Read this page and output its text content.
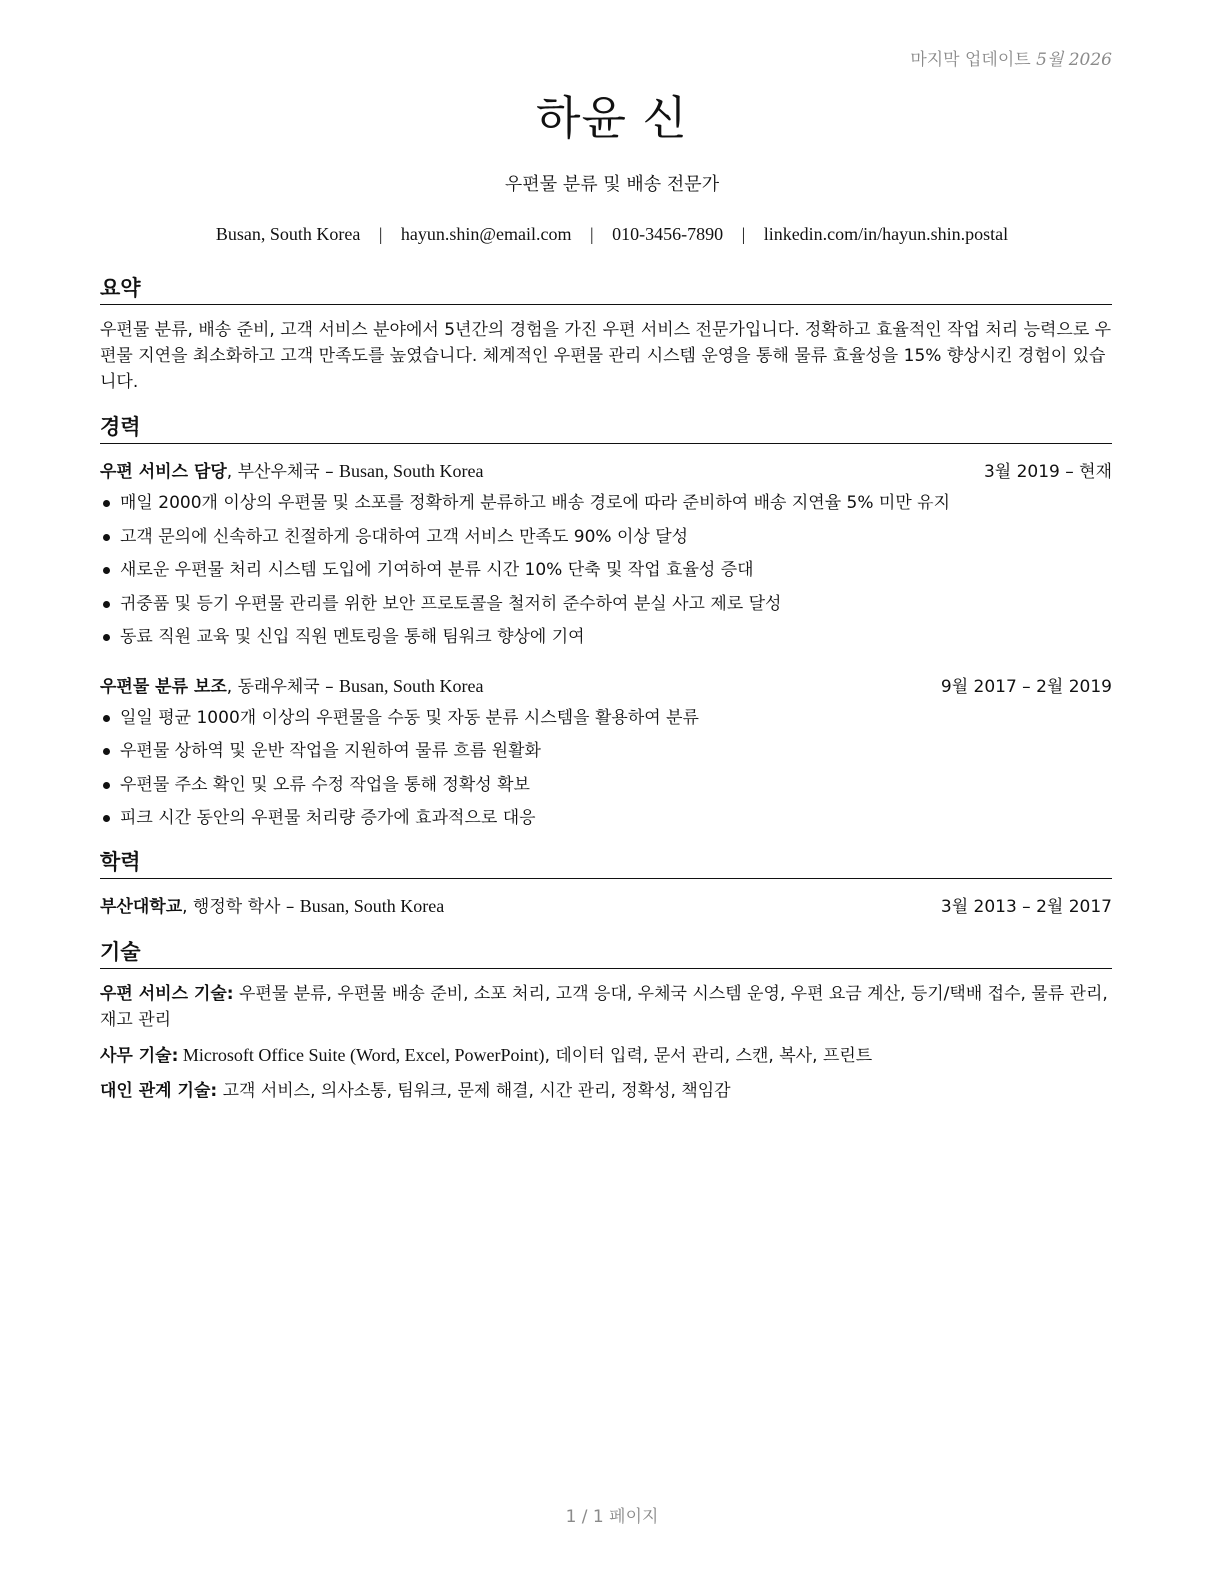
마지막 업데이트 5월 2026
하윤 신
우편물 분류 및 배송 전문가
Busan, South Korea | hayun.shin@email.com | 010-3456-7890 | linkedin.com/in/hayun.shin.postal
요약

우편물 분류, 배송 준비, 고객 서비스 분야에서 5년간의 경험을 가진 우편 서비스 전문가입니다. 정확하고 효율적인 작업 처리 능력으로 우편물 지연을 최소화하고 고객 만족도를 높였습니다. 체계적인 우편물 관리 시스템 운영을 통해 물류 효율성을 15% 향상시킨 경험이 있습니다.

경력
우편 서비스 담당, 부산우체국 – Busan, South Korea	3월 2019 – 현재
매일 2000개 이상의 우편물 및 소포를 정확하게 분류하고 배송 경로에 따라 준비하여 배송 지연율 5% 미만 유지
고객 문의에 신속하고 친절하게 응대하여 고객 서비스 만족도 90% 이상 달성
새로운 우편물 처리 시스템 도입에 기여하여 분류 시간 10% 단축 및 작업 효율성 증대
귀중품 및 등기 우편물 관리를 위한 보안 프로토콜을 철저히 준수하여 분실 사고 제로 달성
동료 직원 교육 및 신입 직원 멘토링을 통해 팀워크 향상에 기여
우편물 분류 보조, 동래우체국 – Busan, South Korea	9월 2017 – 2월 2019
일일 평균 1000개 이상의 우편물을 수동 및 자동 분류 시스템을 활용하여 분류
우편물 상하역 및 운반 작업을 지원하여 물류 흐름 원활화
우편물 주소 확인 및 오류 수정 작업을 통해 정확성 확보
피크 시간 동안의 우편물 처리량 증가에 효과적으로 대응
학력
부산대학교, 행정학 학사 – Busan, South Korea	3월 2013 – 2월 2017
기술
우편 서비스 기술: 우편물 분류, 우편물 배송 준비, 소포 처리, 고객 응대, 우체국 시스템 운영, 우편 요금 계산, 등기/택배 접수, 물류 관리, 재고 관리
사무 기술: Microsoft Office Suite (Word, Excel, PowerPoint), 데이터 입력, 문서 관리, 스캔, 복사, 프린트
대인 관계 기술: 고객 서비스, 의사소통, 팀워크, 문제 해결, 시간 관리, 정확성, 책임감
1 / 1 페이지
